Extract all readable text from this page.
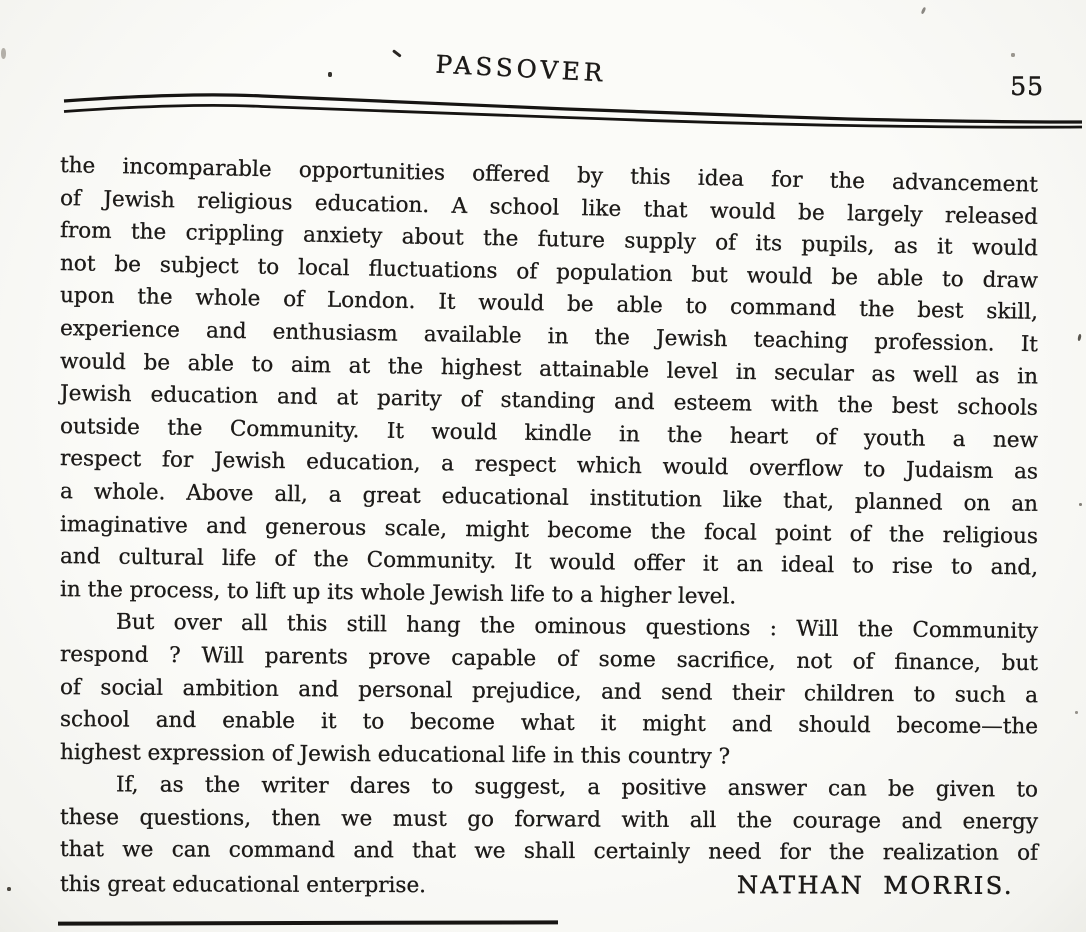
PASSOVER	55
the incomparable opportunities offered by this idea for the advancement
of Jewish religious education. A school like that would be largely released
from the crippling anxiety about the future supply of its pupils, as it would
not be subject to local fluctuations of population but would be able to draw
upon the whole of London. It would be able to command the best skill,
experience and enthusiasm available in the Jewish teaching profession. It
would be able to aim at the highest attainable level in secular as well as in
Jewish education and at parity of standing and esteem with the best schools
outside the Community. It would kindle in the heart of youth a new
respect for Jewish education, a respect which would overflow to Judaism as
a whole. Above all, a great educational institution like that, planned on an
imaginative and generous scale, might become the focal point of the religious
and cultural life of the Community. It would offer it an ideal to rise to and,
in the process, to lift up its whole Jewish life to a higher level.
But over all this still hang the ominous questions : Will the Community
respond ? Will parents prove capable of some sacrifice, not of finance, but
of social ambition and personal prejudice, and send their children to such a
school and enable it to become what it might and should become—the
highest expression of Jewish educational life in this country ?
If, as the writer dares to suggest, a positive answer can be given to
these questions, then we must go forward with all the courage and energy
that we can command and that we shall certainly need for the realization of
this great educational enterprise.	NATHAN MORRIS.
